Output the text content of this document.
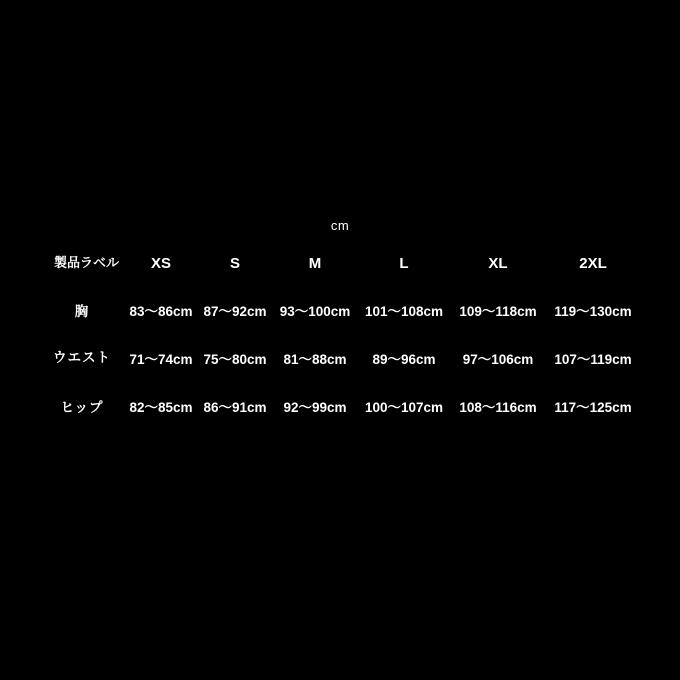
cm
製品ラベル	XS	S	M	L	XL	2XL
胸	83〜86cm	87〜92cm	93〜100cm	101〜108cm	109〜118cm	119〜130cm

ウエスト	71〜74cm	75〜80cm	81〜88cm	89〜96cm	97〜106cm	107〜119cm
ヒップ	82〜85cm	86〜91cm	92〜99cm	100〜107cm	108〜116cm	117〜125cm
